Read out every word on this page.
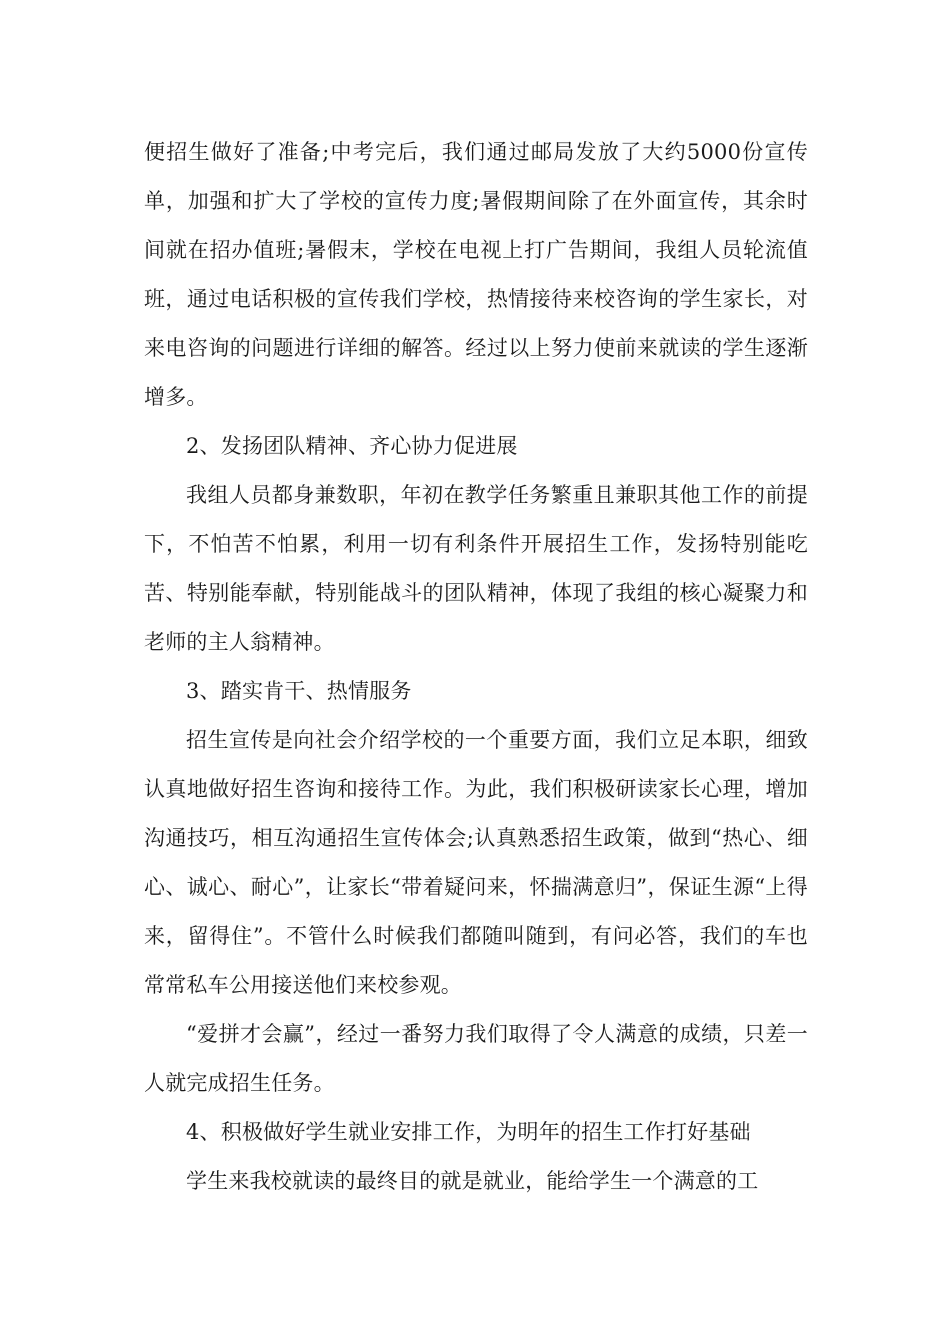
便招生做好了准备;中考完后，我们通过邮局发放了大约5000份宣传单，加强和扩大了学校的宣传力度;暑假期间除了在外面宣传，其余时间就在招办值班;暑假末，学校在电视上打广告期间，我组人员轮流值班，通过电话积极的宣传我们学校，热情接待来校咨询的学生家长，对来电咨询的问题进行详细的解答。经过以上努力使前来就读的学生逐渐增多。

2、发扬团队精神、齐心协力促进展

我组人员都身兼数职，年初在教学任务繁重且兼职其他工作的前提下，不怕苦不怕累，利用一切有利条件开展招生工作，发扬特别能吃苦、特别能奉献，特别能战斗的团队精神，体现了我组的核心凝聚力和老师的主人翁精神。

3、踏实肯干、热情服务

招生宣传是向社会介绍学校的一个重要方面，我们立足本职，细致认真地做好招生咨询和接待工作。为此，我们积极研读家长心理，增加沟通技巧，相互沟通招生宣传体会;认真熟悉招生政策，做到“热心、细心、诚心、耐心”，让家长“带着疑问来，怀揣满意归”，保证生源“上得来，留得住”。不管什么时候我们都随叫随到，有问必答，我们的车也常常私车公用接送他们来校参观。

“爱拼才会赢”，经过一番努力我们取得了令人满意的成绩，只差一人就完成招生任务。

4、积极做好学生就业安排工作，为明年的招生工作打好基础

学生来我校就读的最终目的就是就业，能给学生一个满意的工
